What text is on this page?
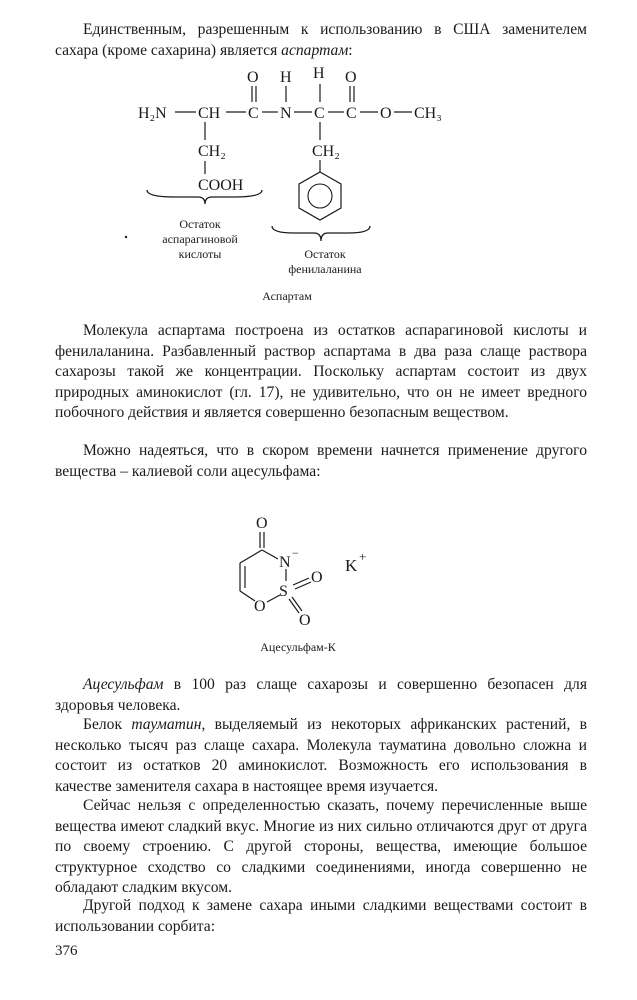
Единственным, разрешенным к использованию в США заменителем сахара (кроме сахарина) является аспартам:

H₂N CH C N C C O CH₃
O H H O
CH₂
COOH
CH₂
Остаток
аспарагиновой
кислоты	Остаток
фенилаланина
Аспартам

Молекула аспартама построена из остатков аспарагиновой кислоты и фенилаланина. Разбавленный раствор аспартама в два раза слаще раствора сахарозы такой же концентрации. Поскольку аспартам состоит из двух природных аминокислот (гл. 17), не удивительно, что он не имеет вредного побочного действия и является совершенно безопасным веществом.

Можно надеяться, что в скором времени начнется применение другого вещества – калиевой соли ацесульфама:

O
N
−
S
O
O
O
K +
Ацесульфам-К

Ацесульфам в 100 раз слаще сахарозы и совершенно безопасен для здоровья человека.

Белок тауматин, выделяемый из некоторых африканских растений, в несколько тысяч раз слаще сахара. Молекула тауматина довольно сложна и состоит из остатков 20 аминокислот. Возможность его использования в качестве заменителя сахара в настоящее время изучается.

Сейчас нельзя с определенностью сказать, почему перечисленные выше вещества имеют сладкий вкус. Многие из них сильно отличаются друг от друга по своему строению. С другой стороны, вещества, имеющие большое структурное сходство со сладкими соединениями, иногда совершенно не обладают сладким вкусом.

Другой подход к замене сахара иными сладкими веществами состоит в использовании сорбита:

376
